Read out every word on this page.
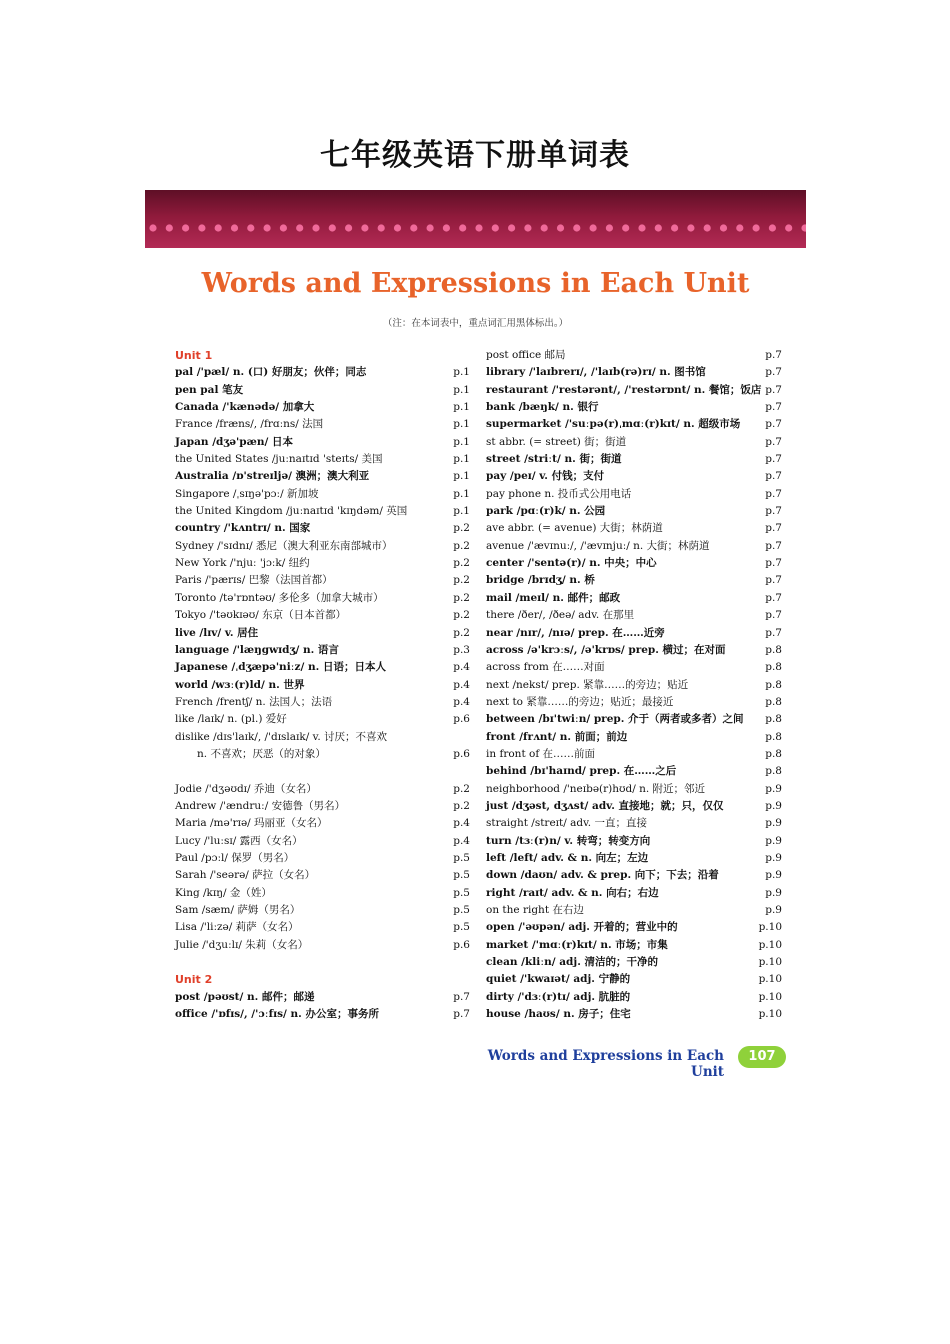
七年级英语下册单词表
Words and Expressions in Each Unit
（注：在本词表中，重点词汇用黑体标出。）
Unit 1
pal /'pæl/ n. (口) 好朋友；伙伴；同志	p.1
pen pal 笔友	p.1
Canada /'kænədə/ 加拿大	p.1
France /fræns/, /frɑːns/ 法国	p.1
Japan /dʒə'pæn/ 日本	p.1
the United States /juːnaɪtɪd 'steɪts/ 美国	p.1
Australia /ɒ'streɪljə/ 澳洲；澳大利亚	p.1
Singapore /ˌsɪŋə'pɔː/ 新加坡	p.1
the United Kingdom /juːnaɪtɪd 'kɪŋdəm/ 英国	p.1
country /'kʌntrɪ/ n. 国家	p.2
Sydney /'sɪdnɪ/ 悉尼（澳大利亚东南部城市）	p.2
New York /'njuː 'jɔːk/ 纽约	p.2
Paris /'pærɪs/ 巴黎（法国首都）	p.2
Toronto /tə'rɒntəʊ/ 多伦多（加拿大城市）	p.2
Tokyo /'təʊkɪəʊ/ 东京（日本首都）	p.2
live /lɪv/ v. 居住	p.2
language /'læŋgwɪdʒ/ n. 语言	p.3
Japanese /ˌdʒæpə'niːz/ n. 日语；日本人	p.4
world /wɜː(r)ld/ n. 世界	p.4
French /frentʃ/ n. 法国人；法语	p.4
like /laɪk/ n. (pl.) 爱好	p.6
dislike /dɪs'laɪk/, /'dɪslaɪk/ v. 讨厌；不喜欢
n. 不喜欢；厌恶（的对象）	p.6
Jodie /'dʒəʊdɪ/ 乔迪（女名）	p.2
Andrew /'ændruː/ 安德鲁（男名）	p.2
Maria /mə'rɪə/ 玛丽亚（女名）	p.4
Lucy /'luːsɪ/ 露西（女名）	p.4
Paul /pɔːl/ 保罗（男名）	p.5
Sarah /'seərə/ 萨拉（女名）	p.5
King /kɪŋ/ 金（姓）	p.5
Sam /sæm/ 萨姆（男名）	p.5
Lisa /'liːzə/ 莉萨（女名）	p.5
Julie /'dʒuːlɪ/ 朱莉（女名）	p.6
Unit 2
post /pəʊst/ n. 邮件；邮递	p.7
office /'ɒfɪs/, /'ɔːfɪs/ n. 办公室；事务所	p.7
post office 邮局	p.7
library /'laɪbrerɪ/, /'laɪb(rə)rɪ/ n. 图书馆	p.7
restaurant /'restərənt/, /'restərɒnt/ n. 餐馆；饭店 p.7
bank /bæŋk/ n. 银行	p.7
supermarket /'suːpə(r)ˌmɑː(r)kɪt/ n. 超级市场 p.7
st abbr. (= street) 街；街道	p.7
street /striːt/ n. 街；街道	p.7
pay /peɪ/ v. 付钱；支付	p.7
pay phone n. 投币式公用电话	p.7
park /pɑː(r)k/ n. 公园	p.7
ave abbr. (= avenue) 大街；林荫道	p.7
avenue /'ævɪnuː/, /'ævɪnjuː/ n. 大街；林荫道	p.7
center /'sentə(r)/ n. 中央；中心	p.7
bridge /brɪdʒ/ n. 桥	p.7
mail /meɪl/ n. 邮件；邮政	p.7
there /ðer/, /ðeə/ adv. 在那里	p.7
near /nɪr/, /nɪə/ prep. 在……近旁	p.7
across /ə'krɔːs/, /ə'krɒs/ prep. 横过；在对面	p.8
across from 在……对面	p.8
next /nekst/ prep. 紧靠……的旁边；贴近	p.8
next to 紧靠……的旁边；贴近；最接近	p.8
between /bɪ'twiːn/ prep. 介于（两者或多者）之间 p.8
front /frʌnt/ n. 前面；前边	p.8
in front of 在……前面	p.8
behind /bɪ'haɪnd/ prep. 在……之后	p.8
neighborhood /'neɪbə(r)hʊd/ n. 附近；邻近	p.9
just /dʒəst, dʒʌst/ adv. 直接地；就；只，仅仅	p.9
straight /streɪt/ adv. 一直；直接	p.9
turn /tɜː(r)n/ v. 转弯；转变方向	p.9
left /left/ adv. & n. 向左；左边	p.9
down /daʊn/ adv. & prep. 向下；下去；沿着	p.9
right /raɪt/ adv. & n. 向右；右边	p.9
on the right 在右边	p.9
open /'əʊpən/ adj. 开着的；营业中的	p.10
market /'mɑː(r)kɪt/ n. 市场；市集	p.10
clean /kliːn/ adj. 清洁的；干净的	p.10
quiet /'kwaɪət/ adj. 宁静的	p.10
dirty /'dɜː(r)tɪ/ adj. 肮脏的	p.10
house /haʊs/ n. 房子；住宅	p.10
Words and Expressions in Each Unit
107
